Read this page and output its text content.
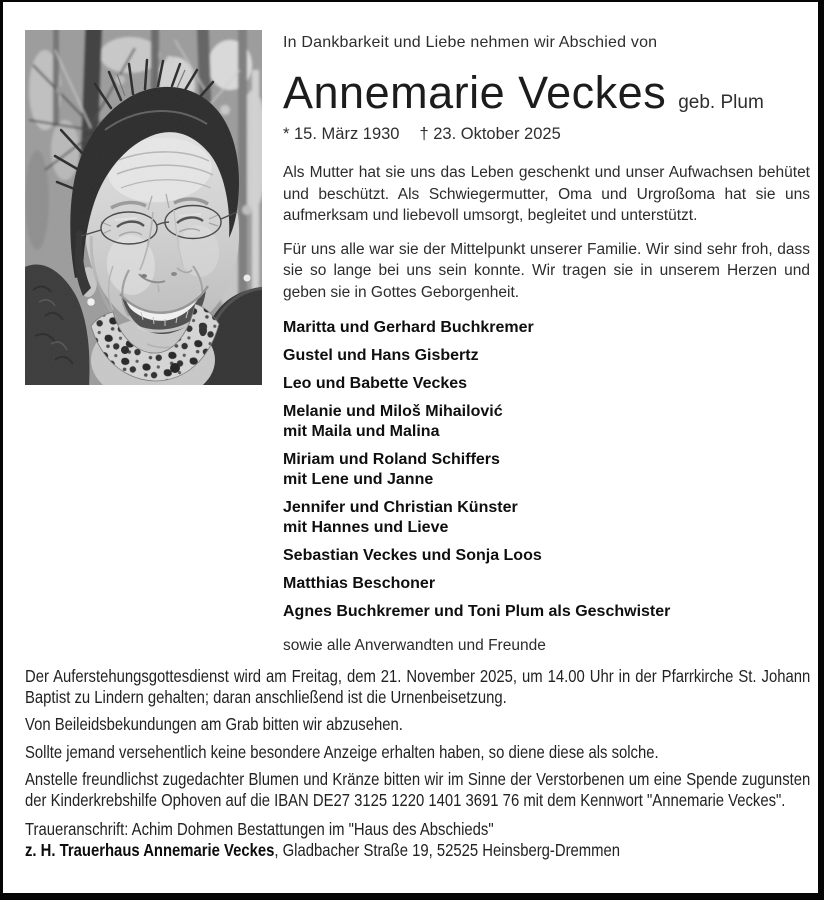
In Dankbarkeit und Liebe nehmen wir Abschied von

Annemarie Veckes geb. Plum

* 15. März 1930 † 23. Oktober 2025

Als Mutter hat sie uns das Leben geschenkt und unser Aufwachsen behütet und beschützt. Als Schwiegermutter, Oma und Urgroßoma hat sie uns aufmerksam und liebevoll umsorgt, begleitet und unterstützt.

Für uns alle war sie der Mittelpunkt unserer Familie. Wir sind sehr froh, dass sie so lange bei uns sein konnte. Wir tragen sie in unserem Herzen und geben sie in Gottes Geborgenheit.

Maritta und Gerhard Buchkremer
Gustel und Hans Gisbertz
Leo und Babette Veckes
Melanie und Miloš Mihailović
mit Maila und Malina
Miriam und Roland Schiffers
mit Lene und Janne
Jennifer und Christian Künster
mit Hannes und Lieve
Sebastian Veckes und Sonja Loos
Matthias Beschoner
Agnes Buchkremer und Toni Plum als Geschwister

sowie alle Anverwandten und Freunde

Der Auferstehungsgottesdienst wird am Freitag, dem 21. November 2025, um 14.00 Uhr in der Pfarrkirche St. Johann Baptist zu Lindern gehalten; daran anschließend ist die Urnenbeisetzung.

Von Beileidsbekundungen am Grab bitten wir abzusehen.

Sollte jemand versehentlich keine besondere Anzeige erhalten haben, so diene diese als solche.

Anstelle freundlichst zugedachter Blumen und Kränze bitten wir im Sinne der Verstorbenen um eine Spende zugunsten der Kinderkrebshilfe Ophoven auf die IBAN DE27 3125 1220 1401 3691 76 mit dem Kennwort "Annemarie Veckes".

Traueranschrift: Achim Dohmen Bestattungen im "Haus des Abschieds"

z. H. Trauerhaus Annemarie Veckes, Gladbacher Straße 19, 52525 Heinsberg-Dremmen
